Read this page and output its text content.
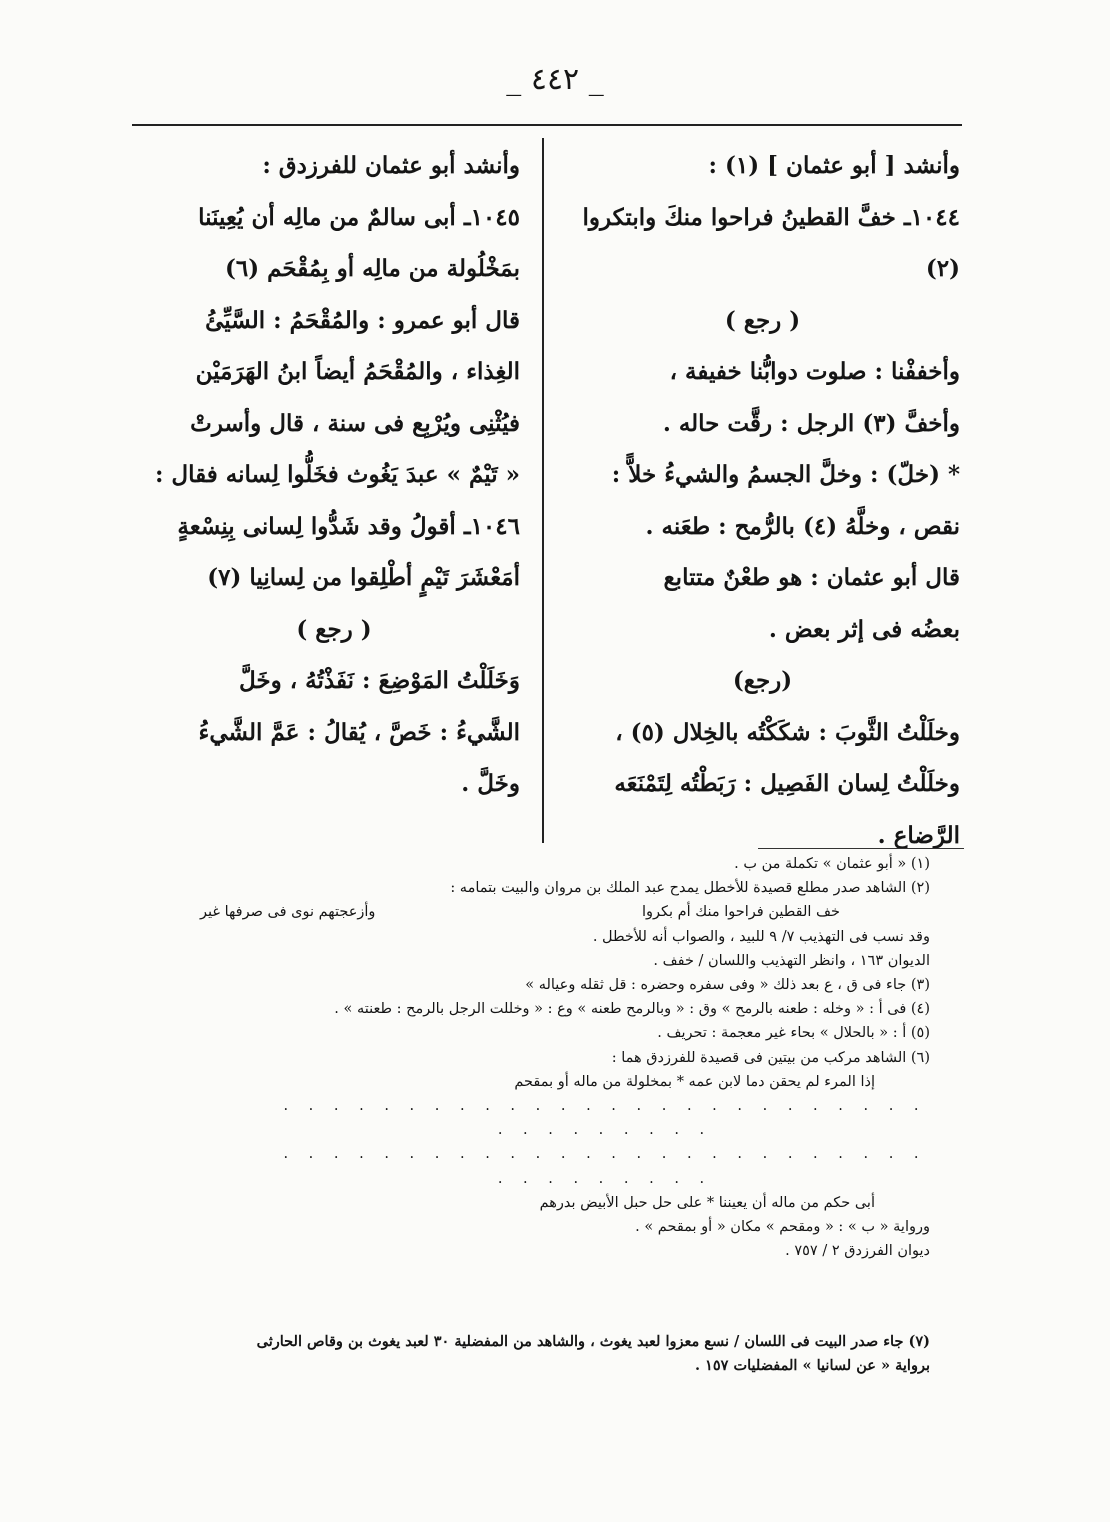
_ ٤٤٢ _

وأنشد [ أبو عثمان ] (١) :

١٠٤٤ـ خفَّ القطينُ فراحوا منكَ وابتكروا (٢)

( رجع )

وأخففْنا : صلوت دوابُّنا خفيفة ،

وأخفَّ (٣) الرجل : رقَّت حاله .

* (خلّ) : وخلَّ الجسمُ والشيءُ خلاًّ :

نقص ، وخلَّهُ (٤) بالرُّمح : طعَنه .

قال أبو عثمان : هو طعْنٌ متتابع

بعضُه فى إثر بعض .

(رجع)

وخلَلْتُ الثَّوبَ : شكَكْتُه بالخِلال (٥) ،

وخلَلْتُ لِسان الفَصِيل : رَبَطْتُه لِتَمْنَعَه

الرَّضاع .

وأنشد أبو عثمان للفرزدق :

١٠٤٥ـ أبى سالمٌ من مالِه أن يُعِينَنا

بمَخْلُولة من مالِه أو بِمُقْحَم (٦)

قال أبو عمرو : والمُقْحَمُ : السَّيِّئُ

الغِذاء ، والمُقْحَمُ أيضاً ابنُ الهَرَمَيْن

فيُثْنِى ويُرْبِع فى سنة ، قال وأسرتْ

« تَيْمٌ » عبدَ يَغُوث فخَلُّوا لِسانه فقال :

١٠٤٦ـ أقولُ وقد شَدُّوا لِسانى بِنِسْعةٍ

أمَعْشَرَ تَيْمٍ أطْلِقوا من لِسانِيا (٧)

( رجع )

وَخَلَلْتُ المَوْضِعَ : نَفَذْتُهُ ، وخَلَّ

الشَّيءُ : خَصَّ ، يُقالُ : عَمَّ الشَّيءُ وخَلَّ .

(١) « أبو عثمان » تكملة من ب .

(٢) الشاهد صدر مطلع قصيدة للأخطل يمدح عبد الملك بن مروان والبيت بتمامه :

خف القطين فراحوا منك أم بكروا
وأزعجتهم نوى فى صرفها غير

وقد نسب فى التهذيب ٧/ ٩ للبيد ، والصواب أنه للأخطل .

الديوان ١٦٣ ، وانظر التهذيب واللسان / خفف .

(٣) جاء فى ق ، ع بعد ذلك « وفى سفره وحضره : قل ثقله وعياله »

(٤) فى أ : « وخله : طعنه بالرمح » وق : « وبالرمح طعنه » وع : « وخللت الرجل بالرمح : طعنته » .

(٥) أ : « بالحلال » بحاء غير معجمة : تحريف .

(٦) الشاهد مركب من بيتين فى قصيدة للفرزدق هما :

إذا المرء لم يحقن دما لابن عمه * بمخلولة من ماله أو بمقحم

. . . . . . . . . . . . . . . . . . . . . . . . . . . . . . . . . . .

. . . . . . . . . . . . . . . . . . . . . . . . . . . . . . . . . . .

أبى حكم من ماله أن يعيننا * على حل حبل الأبيض بدرهم

ورواية « ب » : « ومقحم » مكان « أو بمقحم » .

ديوان الفرزدق ٢ / ٧٥٧ .

(٧) جاء صدر البيت فى اللسان / نسع معزوا لعبد يغوث ، والشاهد من المفضلية ٣٠ لعبد يغوث بن وقاص الحارثى

برواية « عن لسانيا » المفضليات ١٥٧ .
